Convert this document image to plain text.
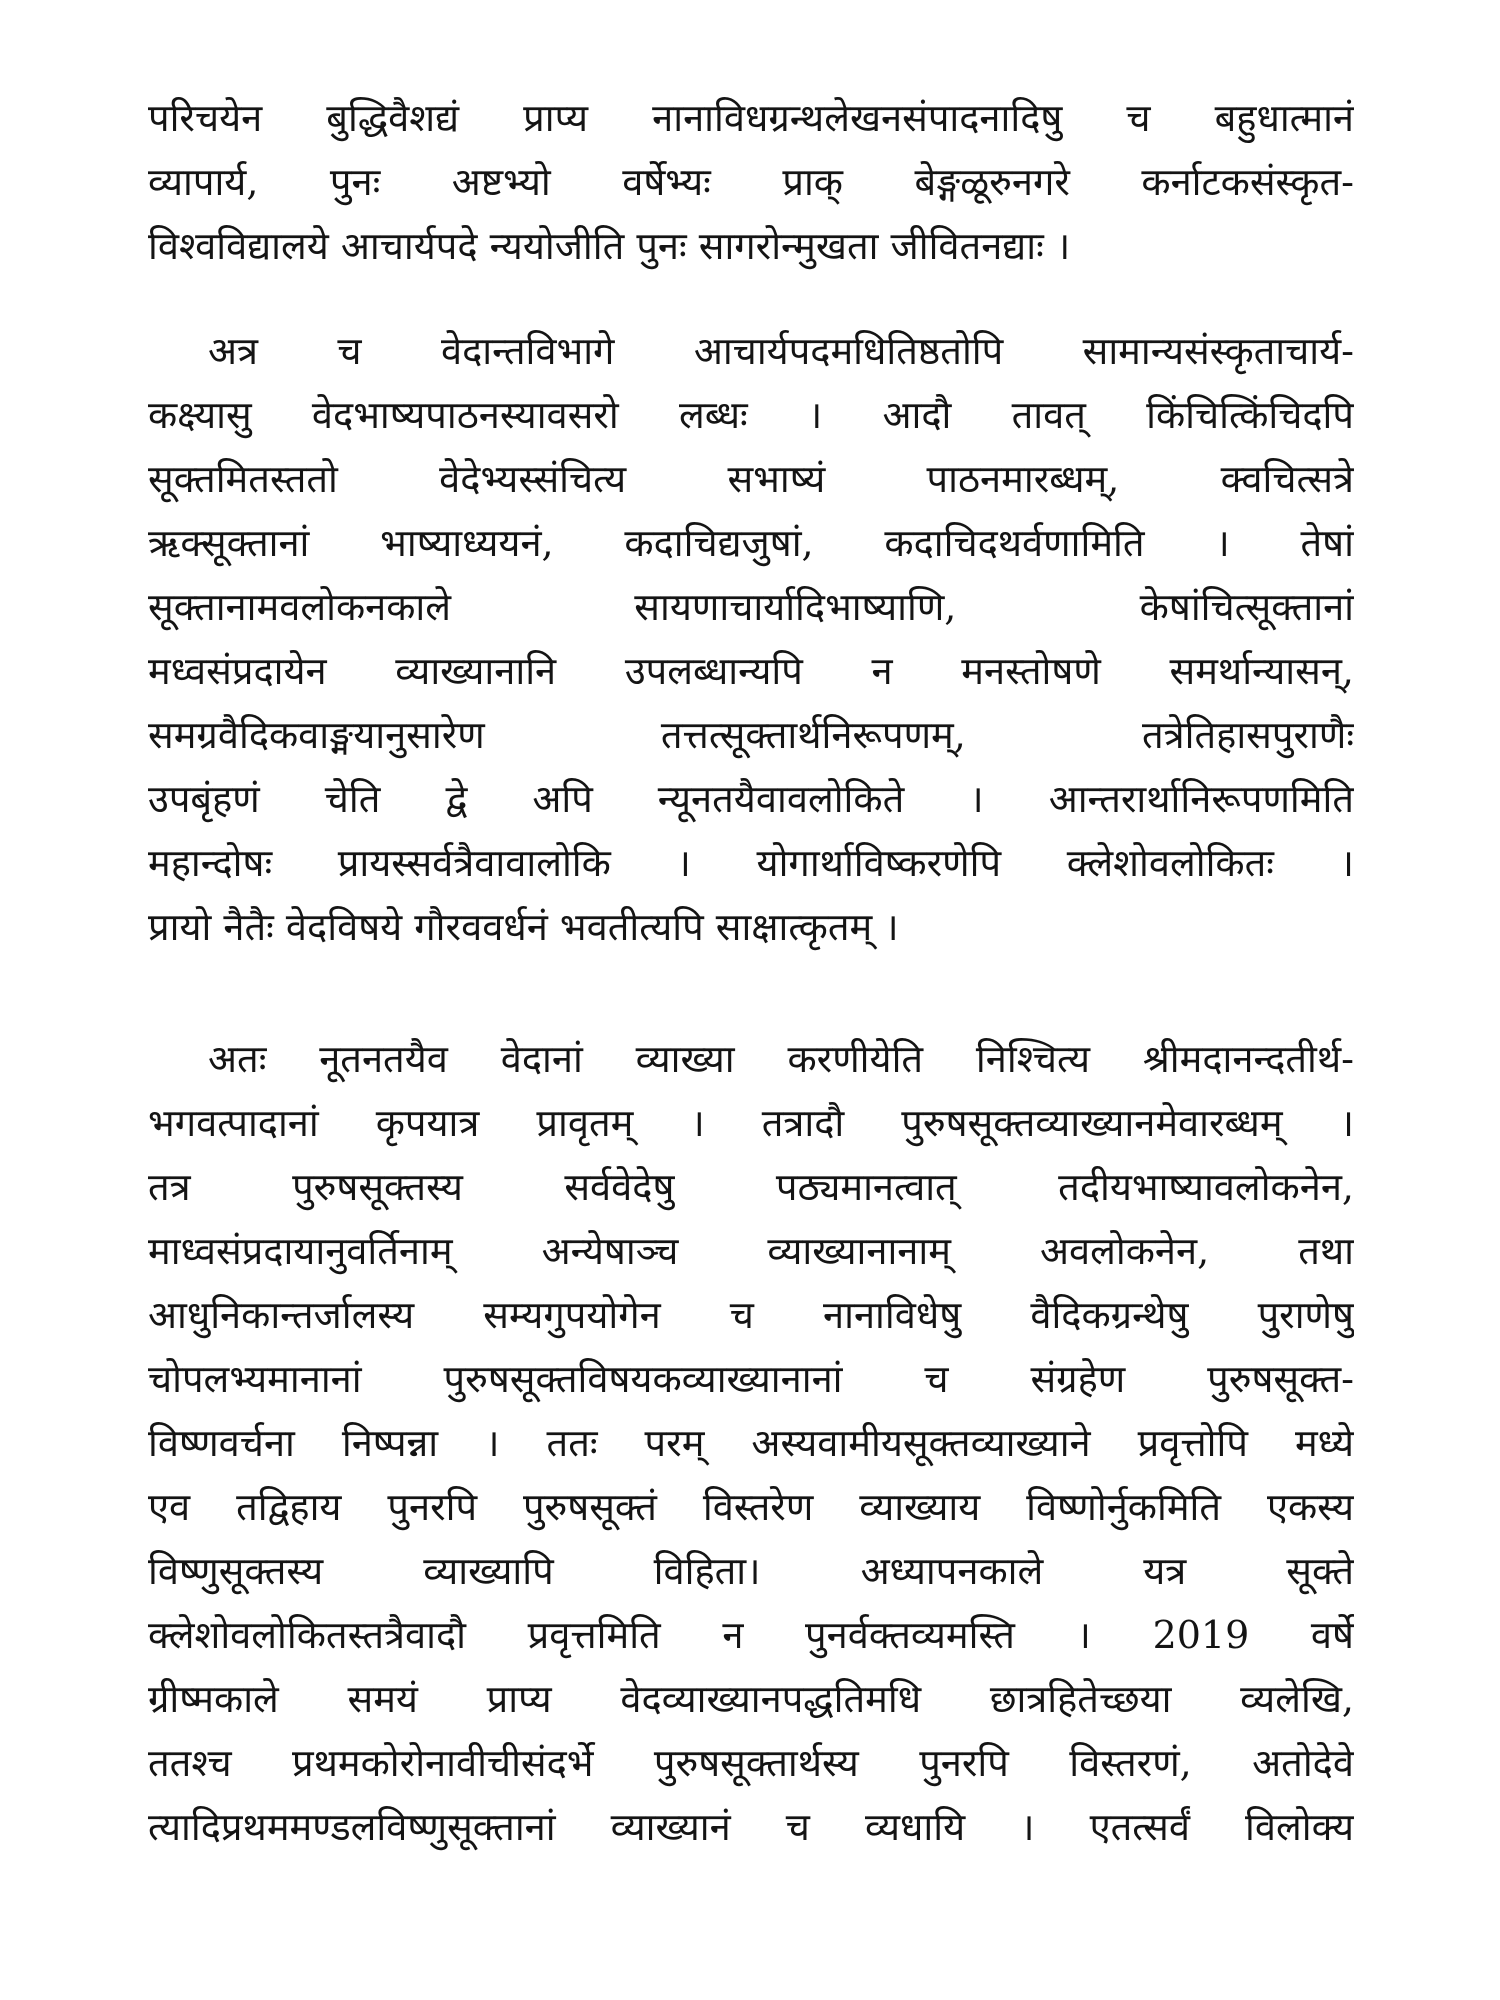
परिचयेन बुद्धिवैशद्यं प्राप्य नानाविधग्रन्थलेखनसंपादनादिषु च बहुधात्मानं
व्यापार्य, पुनः अष्टभ्यो वर्षेभ्यः प्राक् बेङ्गळूरुनगरे कर्नाटकसंस्कृत-
विश्वविद्यालये आचार्यपदे न्ययोजीति पुनः सागरोन्मुखता जीवितनद्याः ।
अत्र च वेदान्तविभागे आचार्यपदमधितिष्ठतोपि सामान्यसंस्कृताचार्य-
कक्ष्यासु वेदभाष्यपाठनस्यावसरो लब्धः । आदौ तावत् किंचित्किंचिदपि
सूक्तमितस्ततो वेदेभ्यस्संचित्य सभाष्यं पाठनमारब्धम्, क्वचित्सत्रे
ऋक्सूक्तानां भाष्याध्ययनं, कदाचिद्यजुषां, कदाचिदथर्वणामिति । तेषां
सूक्तानामवलोकनकाले सायणाचार्यादिभाष्याणि, केषांचित्सूक्तानां
मध्वसंप्रदायेन व्याख्यानानि उपलब्धान्यपि न मनस्तोषणे समर्थान्यासन्,
समग्रवैदिकवाङ्मयानुसारेण तत्तत्सूक्तार्थनिरूपणम्, तत्रेतिहासपुराणैः
उपबृंहणं चेति द्वे अपि न्यूनतयैवावलोकिते । आन्तरार्थानिरूपणमिति
महान्दोषः प्रायस्सर्वत्रैवावालोकि । योगार्थाविष्करणेपि क्लेशोवलोकितः ।
प्रायो नैतैः वेदविषये गौरववर्धनं भवतीत्यपि साक्षात्कृतम् ।
अतः नूतनतयैव वेदानां व्याख्या करणीयेति निश्चित्य श्रीमदानन्दतीर्थ-
भगवत्पादानां कृपयात्र प्रावृतम् । तत्रादौ पुरुषसूक्तव्याख्यानमेवारब्धम् ।
तत्र पुरुषसूक्तस्य सर्ववेदेषु पठ्यमानत्वात् तदीयभाष्यावलोकनेन,
माध्वसंप्रदायानुवर्तिनाम् अन्येषाञ्च व्याख्यानानाम् अवलोकनेन, तथा
आधुनिकान्तर्जालस्य सम्यगुपयोगेन च नानाविधेषु वैदिकग्रन्थेषु पुराणेषु
चोपलभ्यमानानां पुरुषसूक्तविषयकव्याख्यानानां च संग्रहेण पुरुषसूक्त-
विष्णवर्चना निष्पन्ना । ततः परम् अस्यवामीयसूक्तव्याख्याने प्रवृत्तोपि मध्ये
एव तद्विहाय पुनरपि पुरुषसूक्तं विस्तरेण व्याख्याय विष्णोर्नुकमिति एकस्य
विष्णुसूक्तस्य व्याख्यापि विहिता। अध्यापनकाले यत्र सूक्ते
क्लेशोवलोकितस्तत्रैवादौ प्रवृत्तमिति न पुनर्वक्तव्यमस्ति । 2019 वर्षे
ग्रीष्मकाले समयं प्राप्य वेदव्याख्यानपद्धतिमधि छात्रहितेच्छया व्यलेखि,
ततश्च प्रथमकोरोनावीचीसंदर्भे पुरुषसूक्तार्थस्य पुनरपि विस्तरणं, अतोदेवे
त्यादिप्रथममण्डलविष्णुसूक्तानां व्याख्यानं च व्यधायि । एतत्सर्वं विलोक्य
